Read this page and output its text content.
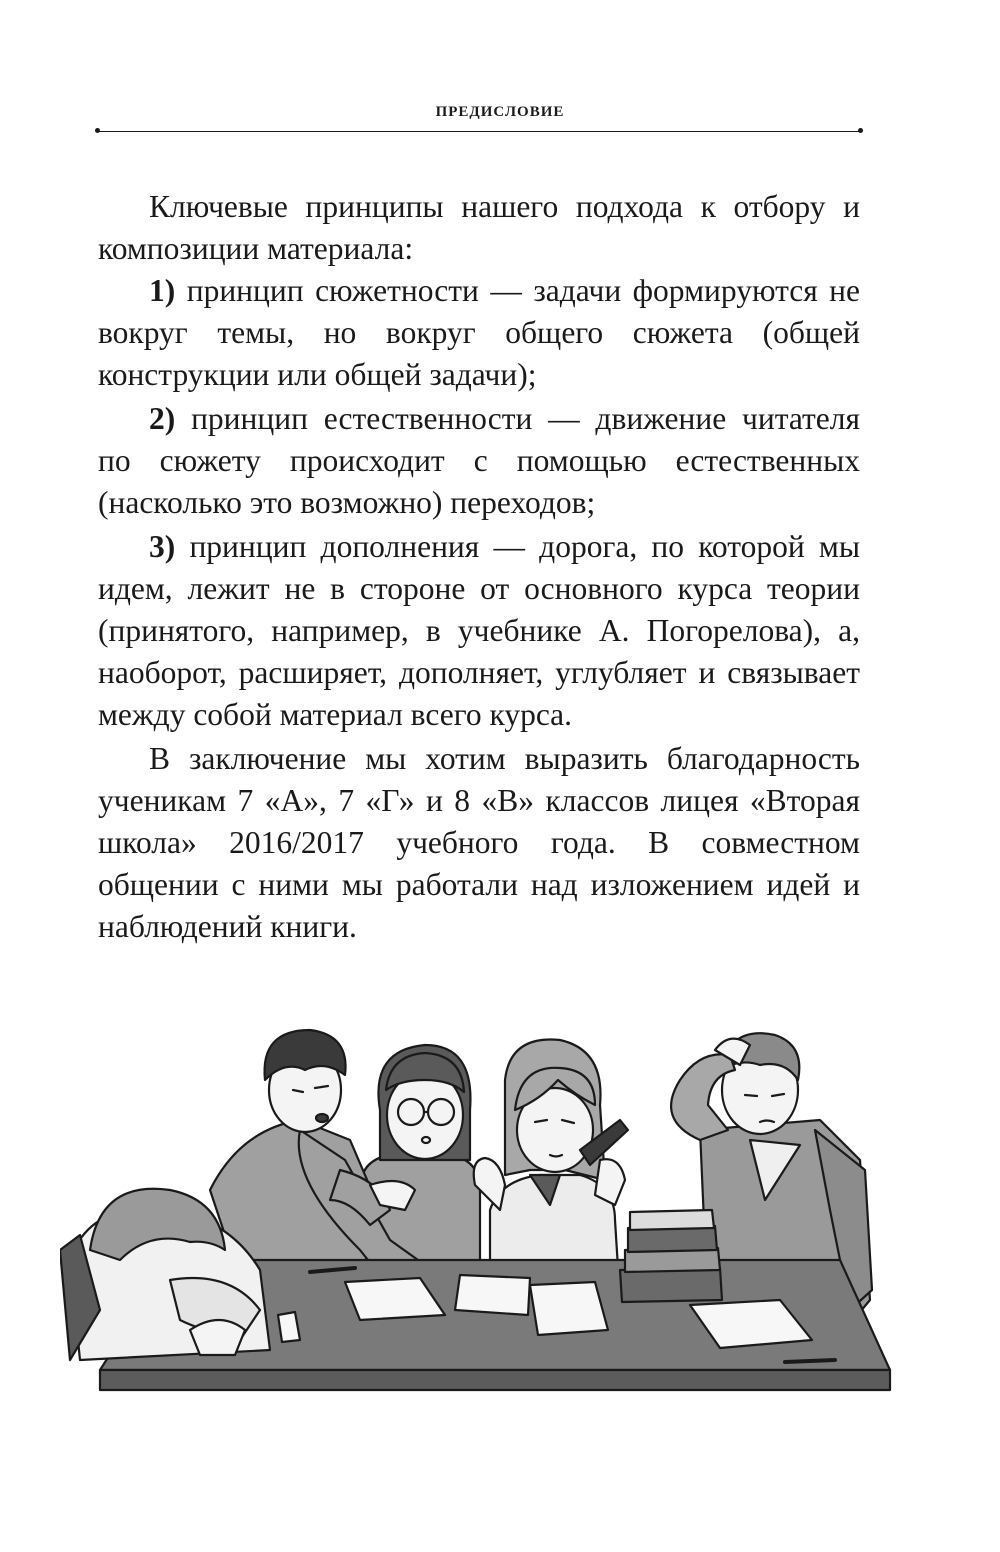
ПРЕДИСЛОВИЕ

Ключевые принципы нашего подхода к отбору и композиции материала:

1) принцип сюжетности — задачи формируются не вокруг темы, но вокруг общего сюжета (общей конструкции или общей задачи);

2) принцип естественности — движение читателя по сюжету происходит с помощью естественных (насколько это возможно) переходов;

3) принцип дополнения — дорога, по которой мы идем, лежит не в стороне от основного курса теории (принятого, например, в учебнике А. Погорелова), а, наоборот, расширяет, дополняет, углубляет и связывает между собой материал всего курса.

В заключение мы хотим выразить благодарность ученикам 7 «А», 7 «Г» и 8 «В» классов лицея «Вторая школа» 2016/2017 учебного года. В совместном общении с ними мы работали над изложением идей и наблюдений книги.
